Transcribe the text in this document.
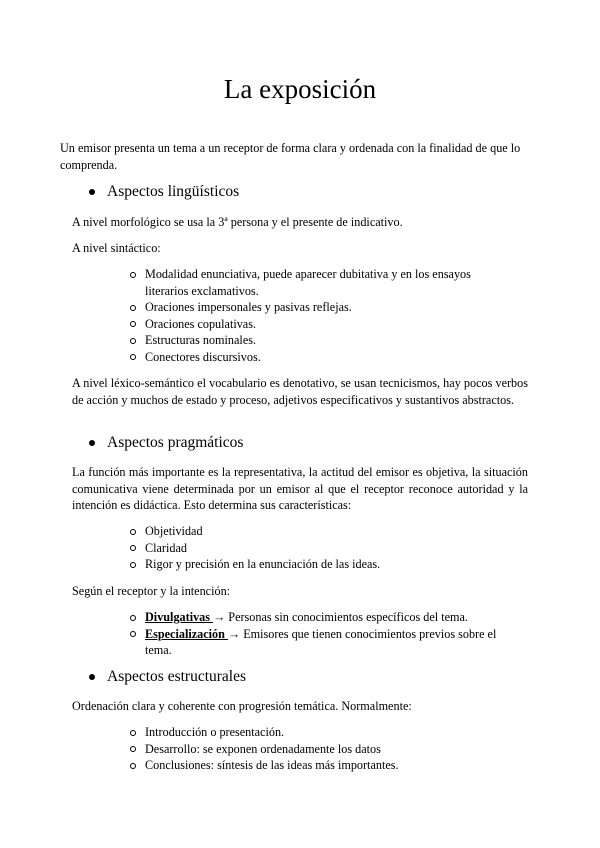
La exposición

Un emisor presenta un tema a un receptor de forma clara y ordenada con la finalidad de que lo comprenda.

Aspectos lingüísticos

A nivel morfológico se usa la 3ª persona y el presente de indicativo.

A nivel sintáctico:

Modalidad enunciativa, puede aparecer dubitativa y en los ensayos literarios exclamativos.
Oraciones impersonales y pasivas reflejas.
Oraciones copulativas.
Estructuras nominales.
Conectores discursivos.

A nivel léxico-semántico el vocabulario es denotativo, se usan tecnicismos, hay pocos verbos de acción y muchos de estado y proceso, adjetivos especificativos y sustantivos abstractos.

Aspectos pragmáticos

La función más importante es la representativa, la actitud del emisor es objetiva, la situación comunicativa viene determinada por un emisor al que el receptor reconoce autoridad y la intención es didáctica. Esto determina sus características:

Objetividad
Claridad
Rigor y precisión en la enunciación de las ideas.

Según el receptor y la intención:

Divulgativas → Personas sin conocimientos específicos del tema.
Especialización → Emisores que tienen conocimientos previos sobre el tema.
Aspectos estructurales

Ordenación clara y coherente con progresión temática. Normalmente:

Introducción o presentación.
Desarrollo: se exponen ordenadamente los datos
Conclusiones: síntesis de las ideas más importantes.
